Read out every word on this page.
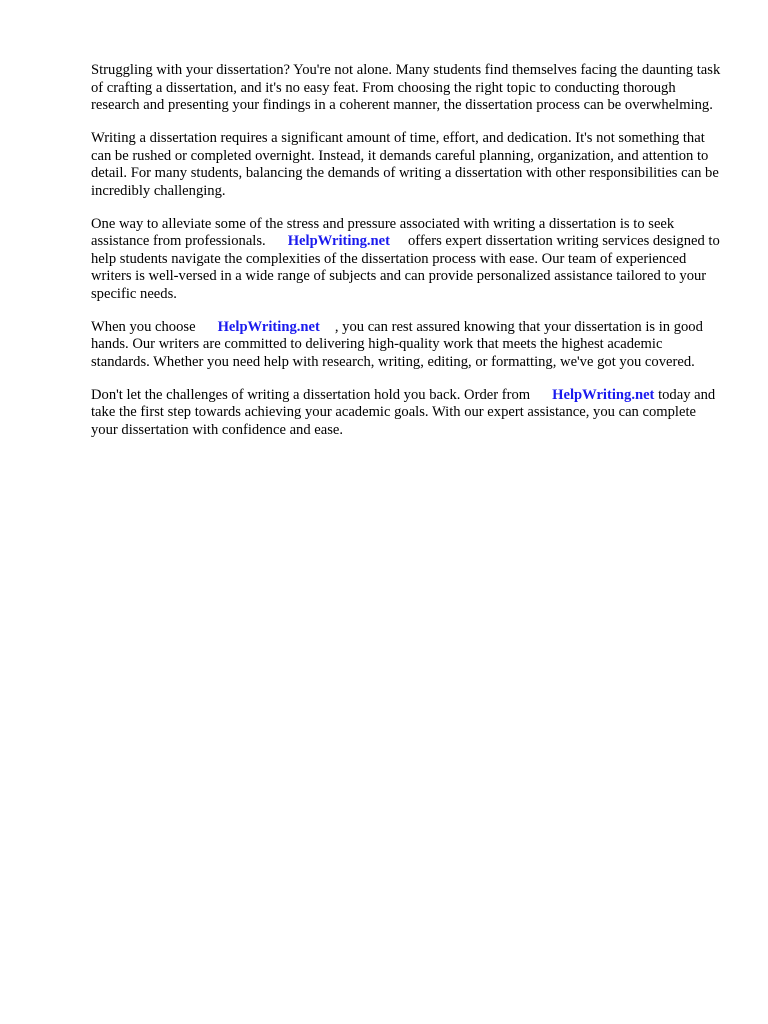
Struggling with your dissertation? You're not alone. Many students find themselves facing the daunting task of crafting a dissertation, and it's no easy feat. From choosing the right topic to conducting thorough research and presenting your findings in a coherent manner, the dissertation process can be overwhelming.

Writing a dissertation requires a significant amount of time, effort, and dedication. It's not something that can be rushed or completed overnight. Instead, it demands careful planning, organization, and attention to detail. For many students, balancing the demands of writing a dissertation with other responsibilities can be incredibly challenging.

One way to alleviate some of the stress and pressure associated with writing a dissertation is to seek assistance from professionals. HelpWriting.net offers expert dissertation writing services designed to help students navigate the complexities of the dissertation process with ease. Our team of experienced writers is well-versed in a wide range of subjects and can provide personalized assistance tailored to your specific needs.

When you choose HelpWriting.net , you can rest assured knowing that your dissertation is in good hands. Our writers are committed to delivering high-quality work that meets the highest academic standards. Whether you need help with research, writing, editing, or formatting, we've got you covered.

Don't let the challenges of writing a dissertation hold you back. Order from HelpWriting.net today and take the first step towards achieving your academic goals. With our expert assistance, you can complete your dissertation with confidence and ease.
